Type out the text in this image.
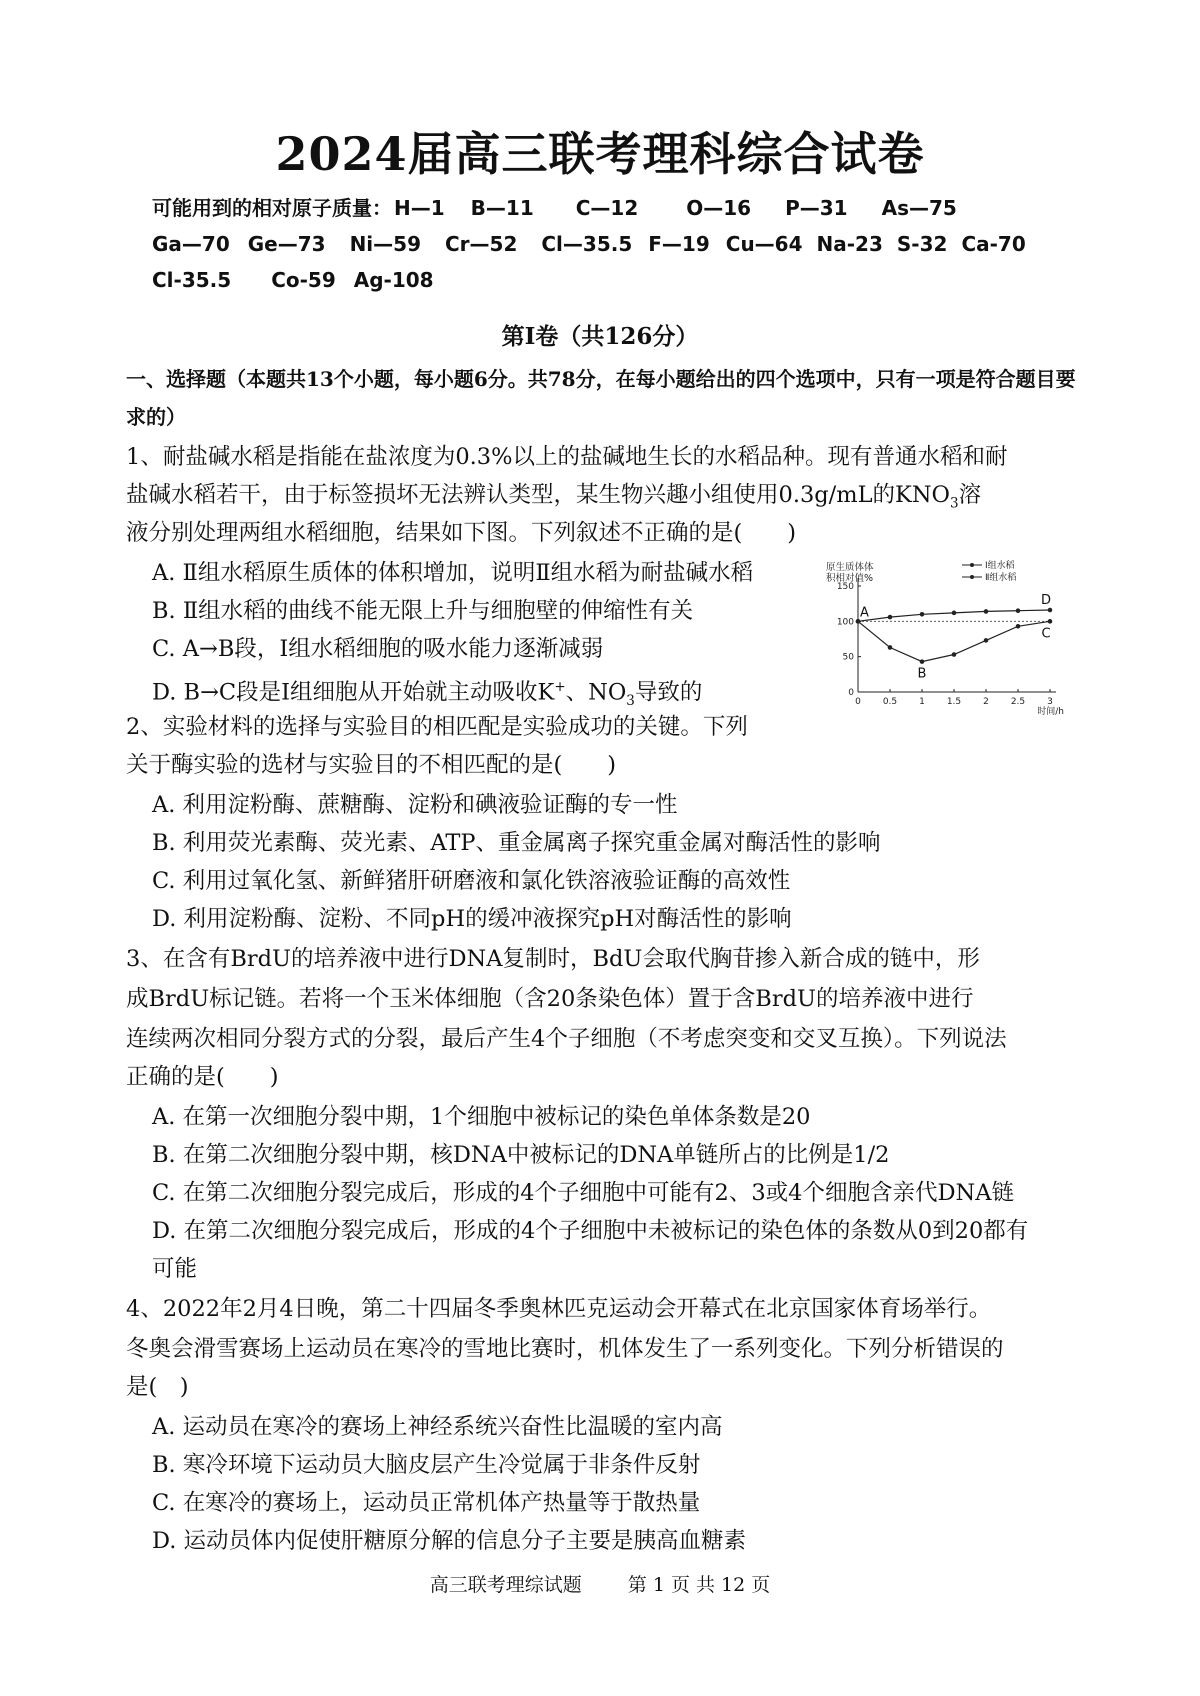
2024届高三联考理科综合试卷
可能用到的相对原子质量： H—1 B—11 C—12 O—16 P—31 As—75
Ga—70 Ge—73 Ni—59 Cr—52 Cl—35.5 F—19 Cu—64 Na-23 S-32 Ca-70
Cl-35.5 Co-59 Ag-108
第I卷（共126分）
一、选择题（本题共13个小题，每小题6分。共78分，在每小题给出的四个选项中，只有一项是符合题目要求的）
1、耐盐碱水稻是指能在盐浓度为0.3%以上的盐碱地生长的水稻品种。现有普通水稻和耐
盐碱水稻若干，由于标签损坏无法辨认类型，某生物兴趣小组使用0.3g/mL的$KNO_3$溶
液分别处理两组水稻细胞，结果如下图。下列叙述不正确的是(　　)
A. Ⅱ组水稻原生质体的体积增加，说明Ⅱ组水稻为耐盐碱水稻
B. Ⅱ组水稻的曲线不能无限上升与细胞壁的伸缩性有关
C. A→B段，Ⅰ组水稻细胞的吸水能力逐渐减弱
D. B→C段是Ⅰ组细胞从开始就主动吸收K+、$NO_3$导致的
原生质体体
积相对值%
Ⅰ组水稻
Ⅱ组水稻
0 0.5 1 1.5 2 2.5 3
0
50
100
150
时间/h
A
B
C
D
2、实验材料的选择与实验目的相匹配是实验成功的关键。下列
关于酶实验的选材与实验目的不相匹配的是(　　)
A. 利用淀粉酶、蔗糖酶、淀粉和碘液验证酶的专一性
B. 利用荧光素酶、荧光素、ATP、重金属离子探究重金属对酶活性的影响
C. 利用过氧化氢、新鲜猪肝研磨液和氯化铁溶液验证酶的高效性
D. 利用淀粉酶、淀粉、不同pH的缓冲液探究pH对酶活性的影响
3、在含有BrdU的培养液中进行DNA复制时，BdU会取代胸苷掺入新合成的链中，形
成BrdU标记链。若将一个玉米体细胞（含20条染色体）置于含BrdU的培养液中进行
连续两次相同分裂方式的分裂，最后产生4个子细胞（不考虑突变和交叉互换）。下列说法
正确的是(　　)
A. 在第一次细胞分裂中期，1个细胞中被标记的染色单体条数是20
B. 在第二次细胞分裂中期，核DNA中被标记的DNA单链所占的比例是1/2
C. 在第二次细胞分裂完成后，形成的4个子细胞中可能有2、3或4个细胞含亲代DNA链
D. 在第二次细胞分裂完成后，形成的4个子细胞中未被标记的染色体的条数从0到20都有
可能
4、2022年2月4日晚，第二十四届冬季奥林匹克运动会开幕式在北京国家体育场举行。
冬奥会滑雪赛场上运动员在寒冷的雪地比赛时，机体发生了一系列变化。下列分析错误的
是(　)
A. 运动员在寒冷的赛场上神经系统兴奋性比温暖的室内高
B. 寒冷环境下运动员大脑皮层产生冷觉属于非条件反射
C. 在寒冷的赛场上，运动员正常机体产热量等于散热量
D. 运动员体内促使肝糖原分解的信息分子主要是胰高血糖素
高三联考理综试题 第 1 页 共 12 页
